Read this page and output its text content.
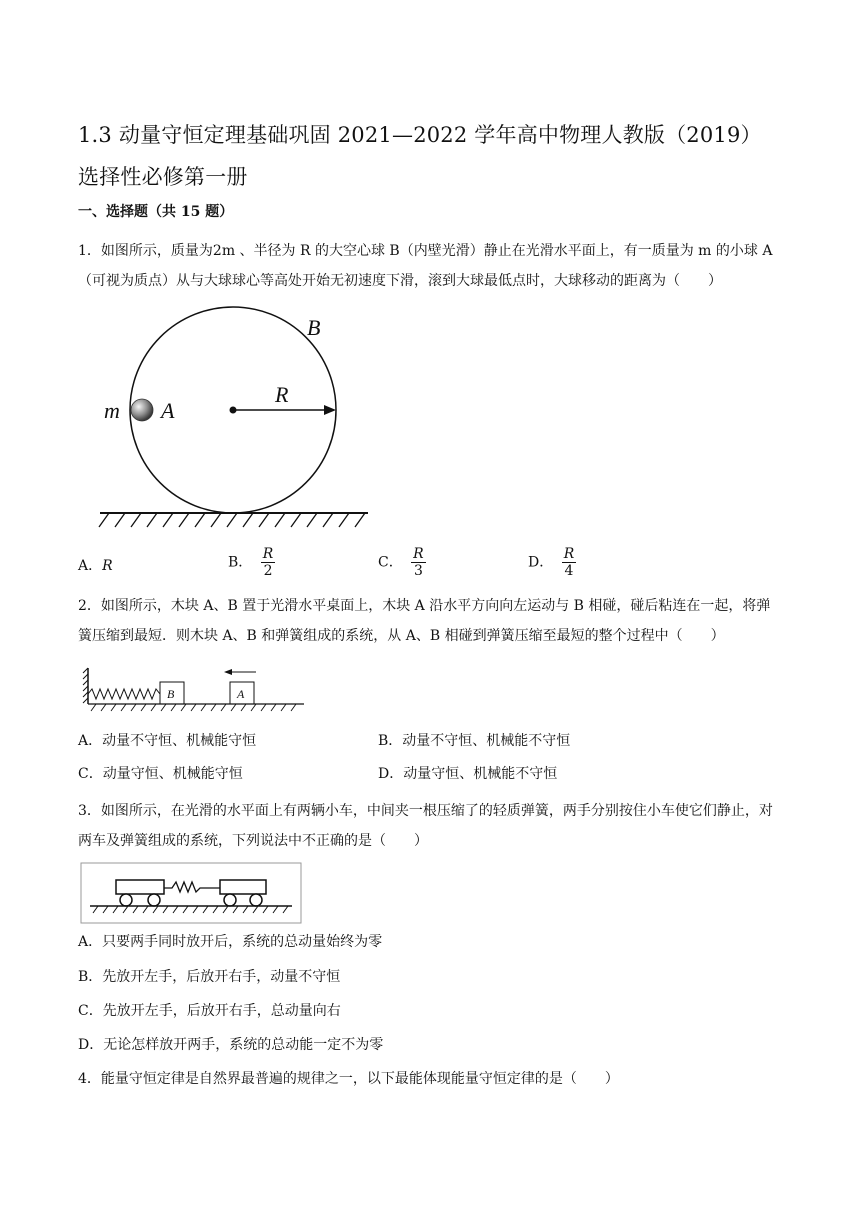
1.3 动量守恒定理基础巩固 2021—2022 学年高中物理人教版（2019）
选择性必修第一册
一、选择题（共 15 题）
1．如图所示，质量为2m 、半径为 R 的大空心球 B（内壁光滑）静止在光滑水平面上，有一质量为 m 的小球 A（可视为质点）从与大球球心等高处开始无初速度下滑，滚到大球最低点时，大球移动的距离为（　　）
B
m A
R
A．R	B． $\frac{R}{2}$	C． $\frac{R}{3}$	D． $\frac{R}{4}$
2．如图所示，木块 A、B 置于光滑水平桌面上，木块 A 沿水平方向向左运动与 B 相碰，碰后粘连在一起，将弹簧压缩到最短．则木块 A、B 和弹簧组成的系统，从 A、B 相碰到弹簧压缩至最短的整个过程中（　　）
B	A
A．动量不守恒、机械能守恒	B．动量不守恒、机械能不守恒
C．动量守恒、机械能守恒	D．动量守恒、机械能不守恒
3．如图所示，在光滑的水平面上有两辆小车，中间夹一根压缩了的轻质弹簧，两手分别按住小车使它们静止，对两车及弹簧组成的系统，下列说法中不正确的是（　　）
A．只要两手同时放开后，系统的总动量始终为零
B．先放开左手，后放开右手，动量不守恒
C．先放开左手，后放开右手，总动量向右
D．无论怎样放开两手，系统的总动能一定不为零
4．能量守恒定律是自然界最普遍的规律之一，以下最能体现能量守恒定律的是（　　）
